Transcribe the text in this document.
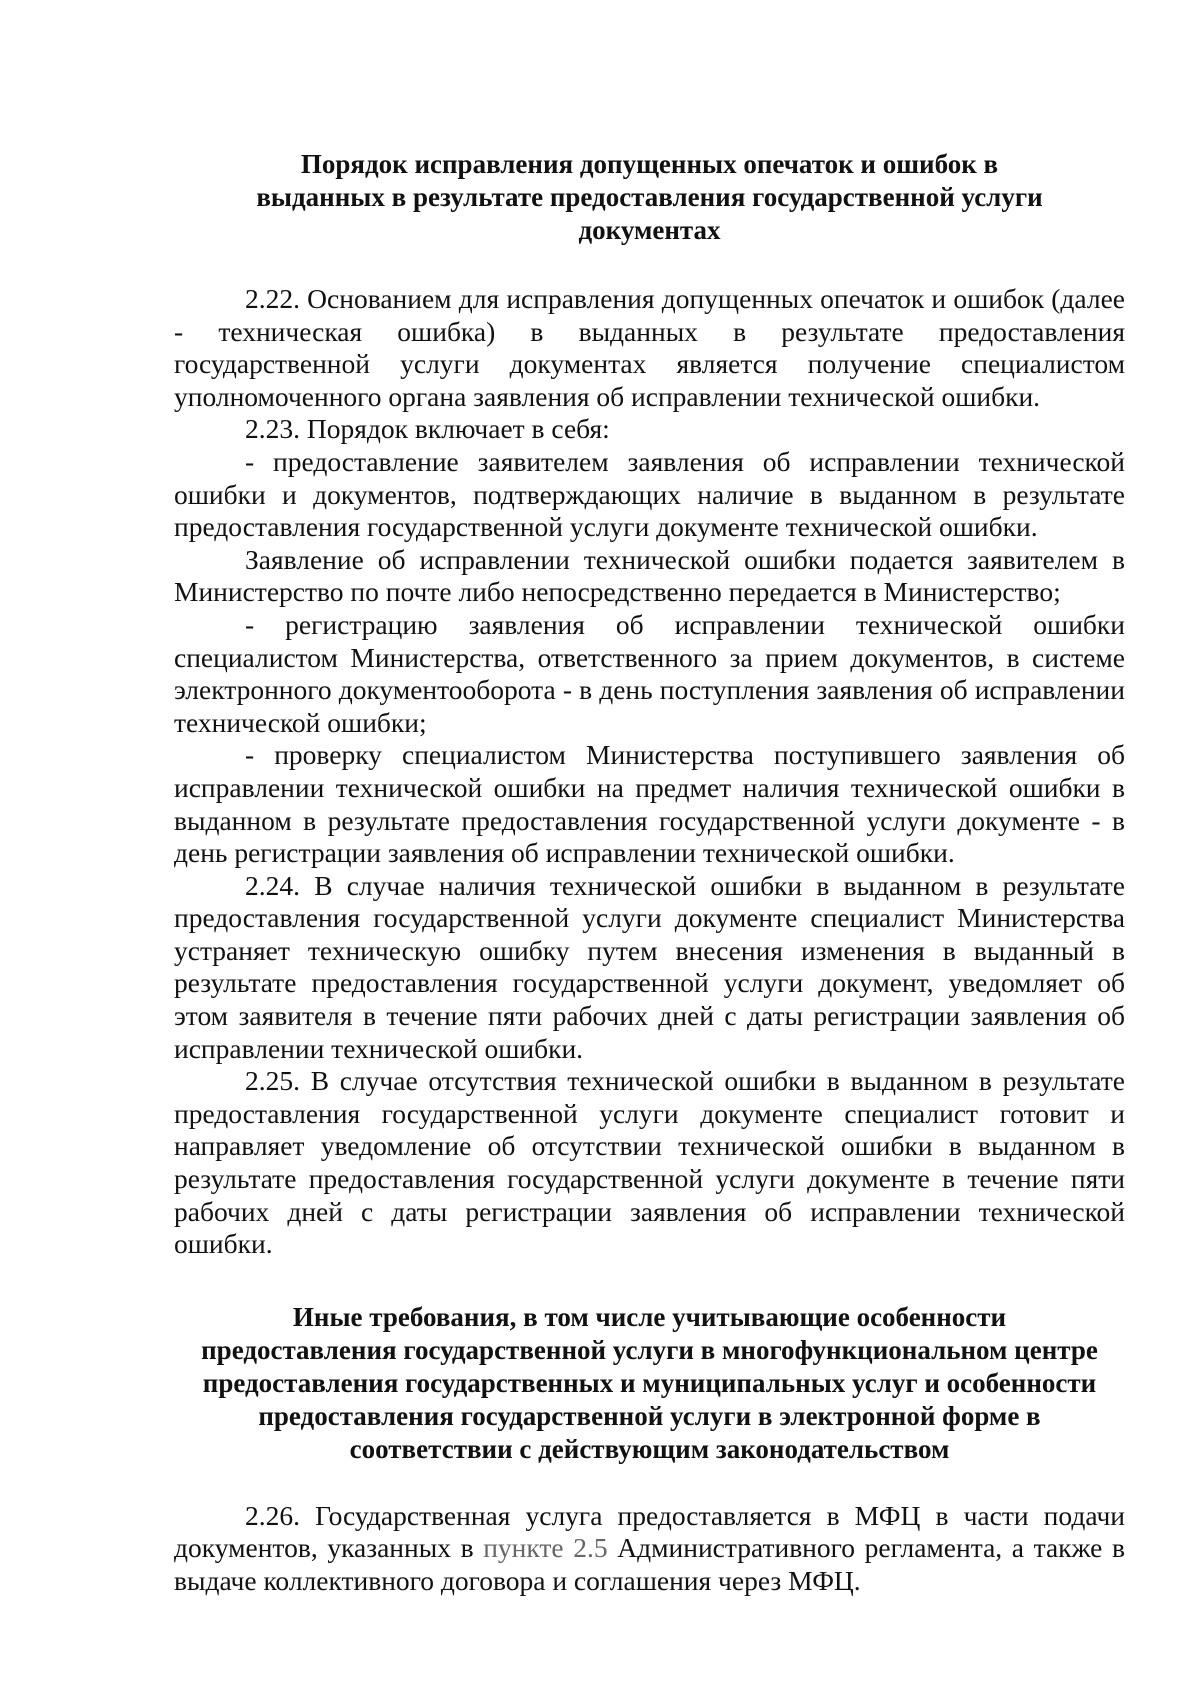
Порядок исправления допущенных опечаток и ошибок в
выданных в результате предоставления государственной услуги
документах

2.22. Основанием для исправления допущенных опечаток и ошибок (далее - техническая ошибка) в выданных в результате предоставления государственной услуги документах является получение специалистом уполномоченного органа заявления об исправлении технической ошибки.

2.23. Порядок включает в себя:

- предоставление заявителем заявления об исправлении технической ошибки и документов, подтверждающих наличие в выданном в результате предоставления государственной услуги документе технической ошибки.

Заявление об исправлении технической ошибки подается заявителем в Министерство по почте либо непосредственно передается в Министерство;

- регистрацию заявления об исправлении технической ошибки специалистом Министерства, ответственного за прием документов, в системе электронного документооборота - в день поступления заявления об исправлении технической ошибки;

- проверку специалистом Министерства поступившего заявления об исправлении технической ошибки на предмет наличия технической ошибки в выданном в результате предоставления государственной услуги документе - в день регистрации заявления об исправлении технической ошибки.

2.24. В случае наличия технической ошибки в выданном в результате предоставления государственной услуги документе специалист Министерства устраняет техническую ошибку путем внесения изменения в выданный в результате предоставления государственной услуги документ, уведомляет об этом заявителя в течение пяти рабочих дней с даты регистрации заявления об исправлении технической ошибки.

2.25. В случае отсутствия технической ошибки в выданном в результате предоставления государственной услуги документе специалист готовит и направляет уведомление об отсутствии технической ошибки в выданном в результате предоставления государственной услуги документе в течение пяти рабочих дней с даты регистрации заявления об исправлении технической ошибки.

Иные требования, в том числе учитывающие особенности
предоставления государственной услуги в многофункциональном центре
предоставления государственных и муниципальных услуг и особенности
предоставления государственной услуги в электронной форме в
соответствии с действующим законодательством

2.26. Государственная услуга предоставляется в МФЦ в части подачи документов, указанных в пункте 2.5 Административного регламента, а также в выдаче коллективного договора и соглашения через МФЦ.
